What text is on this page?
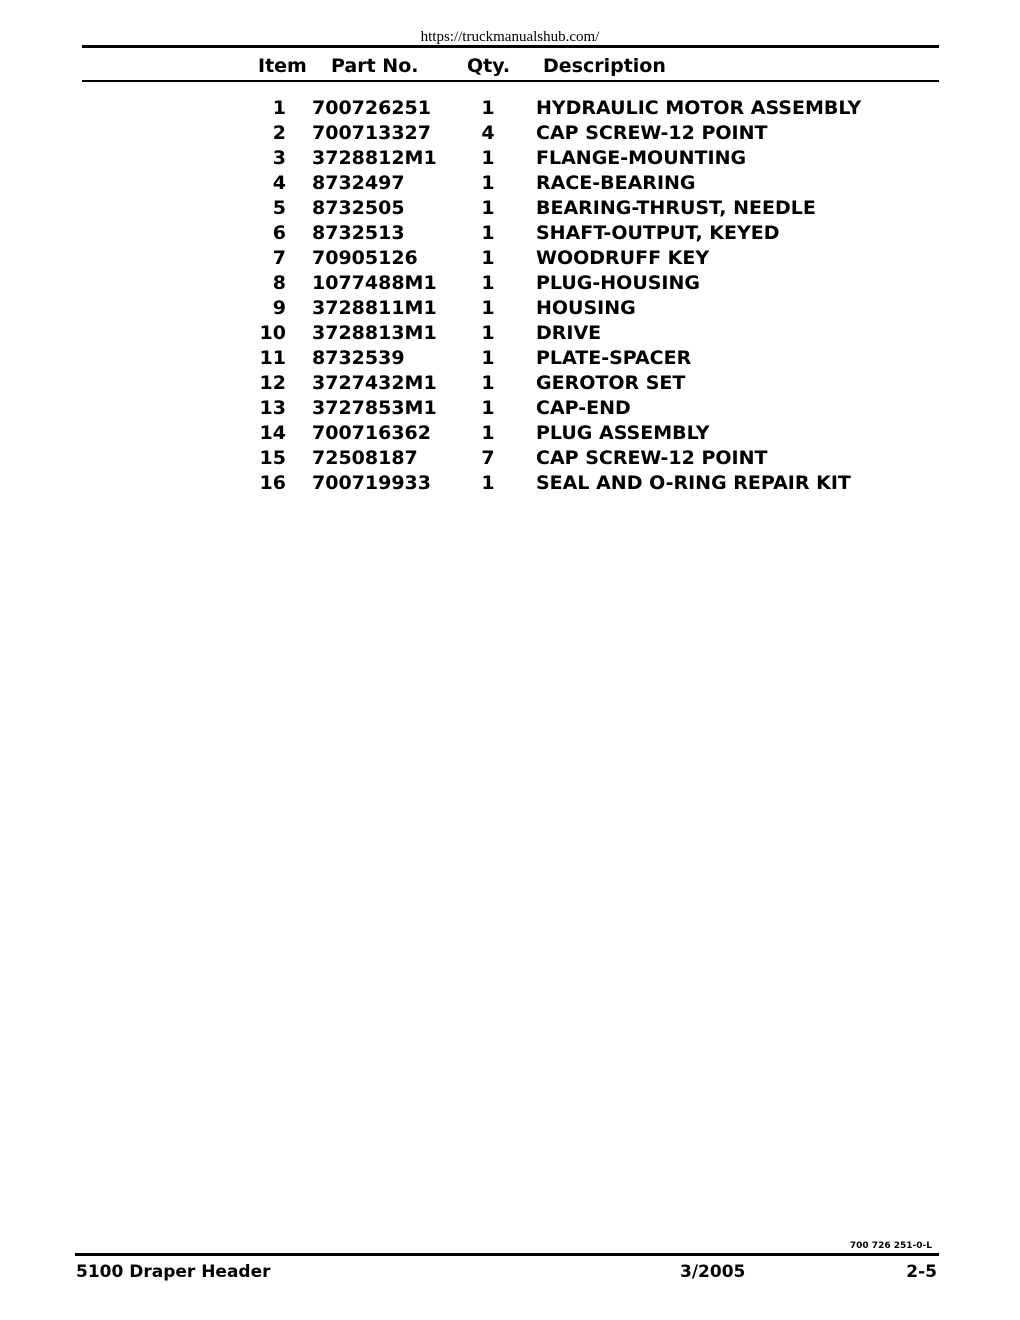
https://truckmanualshub.com/
Item Part No.	Qty. Description
1 700726251	1 HYDRAULIC MOTOR ASSEMBLY
2 700713327	4 CAP SCREW-12 POINT
3 3728812M1 1 FLANGE-MOUNTING
4 8732497	1 RACE-BEARING
5 8732505	1 BEARING-THRUST, NEEDLE
6 8732513	1 SHAFT-OUTPUT, KEYED
7 70905126	1 WOODRUFF KEY
8 1077488M1 1 PLUG-HOUSING
9 3728811M1 1 HOUSING
10 3728813M1 1 DRIVE
11 8732539	1 PLATE-SPACER
12 3727432M1 1 GEROTOR SET
13 3727853M1 1 CAP-END
14 700716362	1 PLUG ASSEMBLY
15 72508187	7 CAP SCREW-12 POINT
16 700719933	1 SEAL AND O-RING REPAIR KIT
700 726 251-0-L
5100 Draper Header	3/2005	2-5
